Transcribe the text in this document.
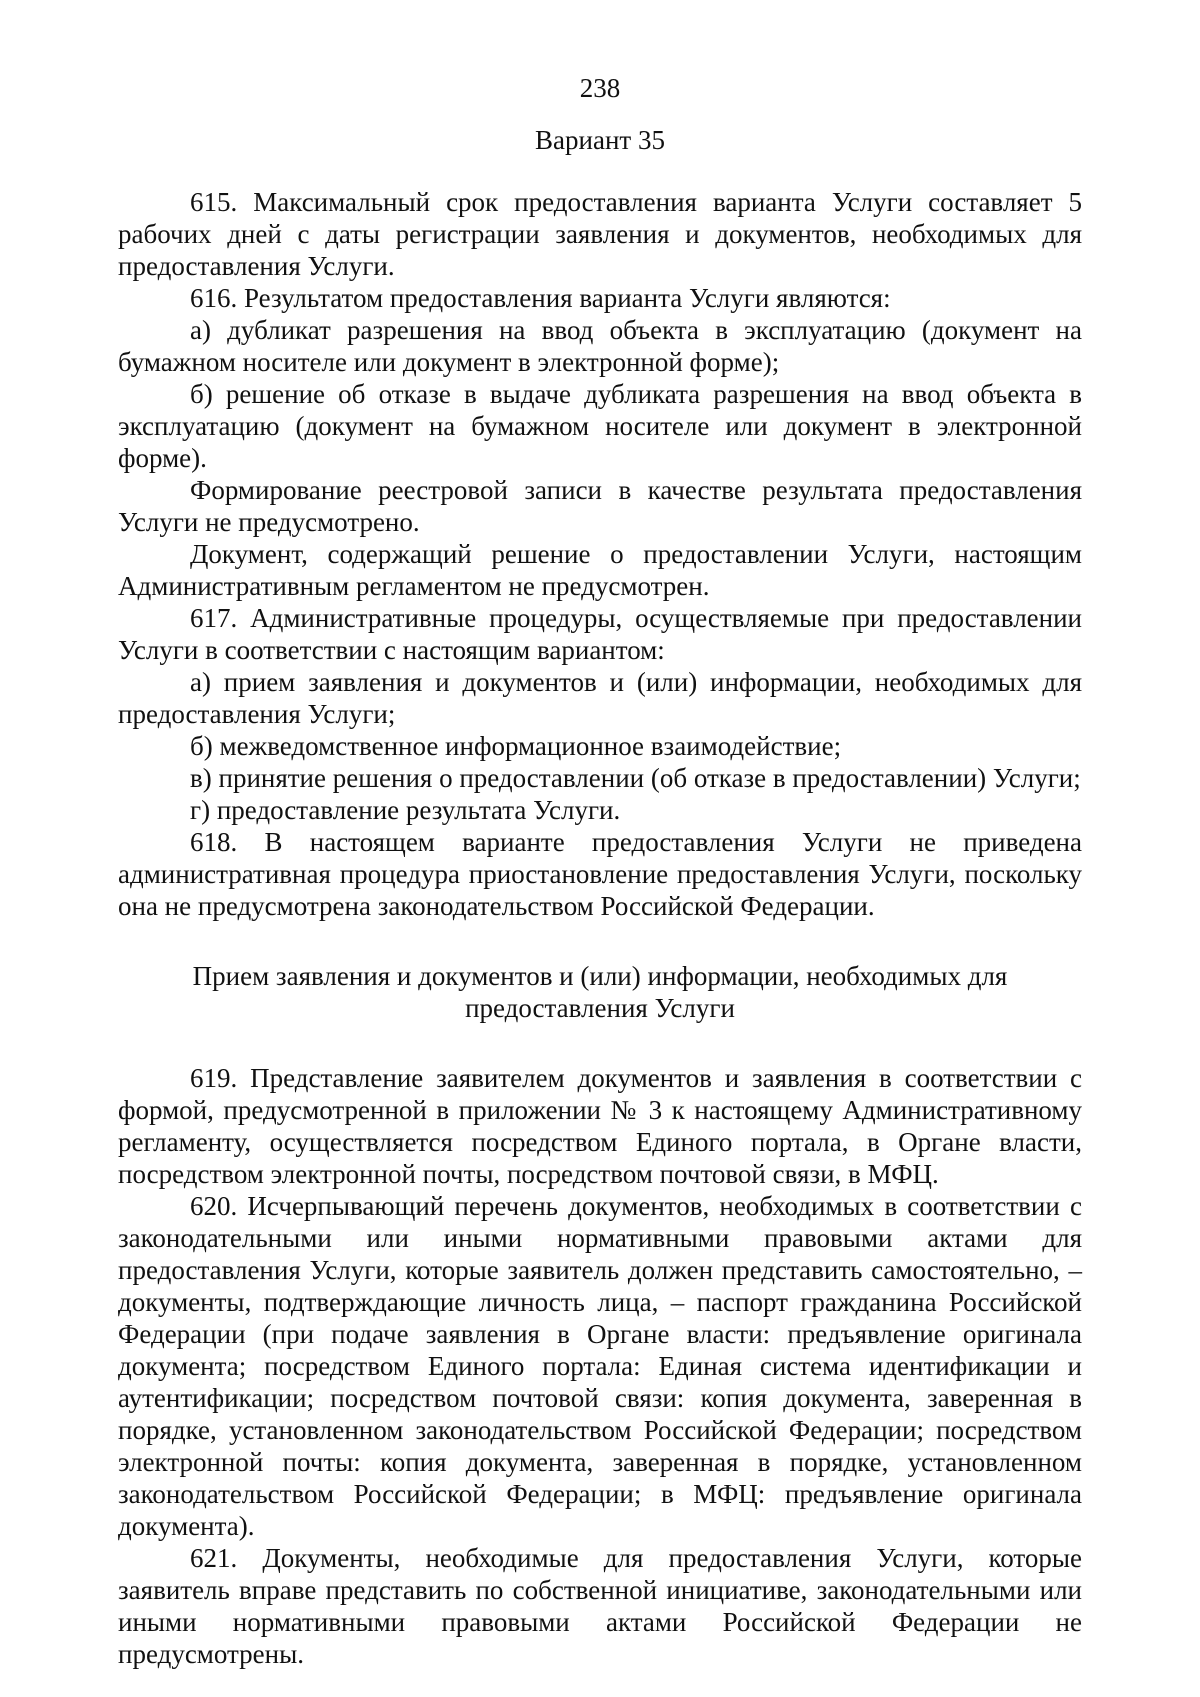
238
Вариант 35

615. Максимальный срок предоставления варианта Услуги составляет 5 рабочих дней с даты регистрации заявления и документов, необходимых для предоставления Услуги.

616. Результатом предоставления варианта Услуги являются:

а) дубликат разрешения на ввод объекта в эксплуатацию (документ на бумажном носителе или документ в электронной форме);

б) решение об отказе в выдаче дубликата разрешения на ввод объекта в эксплуатацию (документ на бумажном носителе или документ в электронной форме).

Формирование реестровой записи в качестве результата предоставления Услуги не предусмотрено.

Документ, содержащий решение о предоставлении Услуги, настоящим Административным регламентом не предусмотрен.

617. Административные процедуры, осуществляемые при предоставлении Услуги в соответствии с настоящим вариантом:

а) прием заявления и документов и (или) информации, необходимых для предоставления Услуги;

б) межведомственное информационное взаимодействие;

в) принятие решения о предоставлении (об отказе в предоставлении) Услуги;

г) предоставление результата Услуги.

618. В настоящем варианте предоставления Услуги не приведена административная процедура приостановление предоставления Услуги, поскольку она не предусмотрена законодательством Российской Федерации.

Прием заявления и документов и (или) информации, необходимых для
предоставления Услуги

619. Представление заявителем документов и заявления в соответствии с формой, предусмотренной в приложении № 3 к настоящему Административному регламенту, осуществляется посредством Единого портала, в Органе власти, посредством электронной почты, посредством почтовой связи, в МФЦ.

620. Исчерпывающий перечень документов, необходимых в соответствии с законодательными или иными нормативными правовыми актами для предоставления Услуги, которые заявитель должен представить самостоятельно, – документы, подтверждающие личность лица, – паспорт гражданина Российской Федерации (при подаче заявления в Органе власти: предъявление оригинала документа; посредством Единого портала: Единая система идентификации и аутентификации; посредством почтовой связи: копия документа, заверенная в порядке, установленном законодательством Российской Федерации; посредством электронной почты: копия документа, заверенная в порядке, установленном законодательством Российской Федерации; в МФЦ: предъявление оригинала документа).

621. Документы, необходимые для предоставления Услуги, которые заявитель вправе представить по собственной инициативе, законодательными или иными нормативными правовыми актами Российской Федерации не предусмотрены.
